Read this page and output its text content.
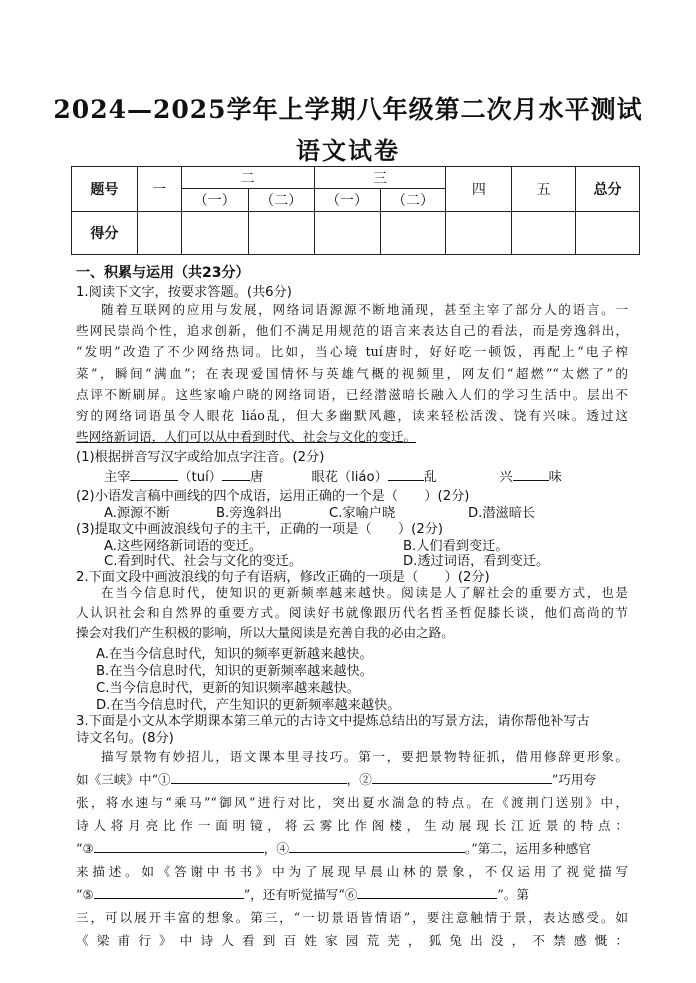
2024—2025学年上学期八年级第二次月水平测试
语文试卷
题号	一	二		三		四	五	总分
		（一）	（二）	（一）	（二）			
得分								
一、积累与运用（共23分）
1.阅读下文字，按要求答题。(共6分)
随着互联网的应用与发展，网络词语源源不断地涌现，甚至主宰了部分人的语言。一
些网民崇尚个性，追求创新，他们不满足用规范的语言来表达自己的看法，而是旁逸斜出，
“发明”改造了不少网络热词。比如，当心境 tuí唐时，好好吃一顿饭，再配上“电子榨
菜”，瞬间“满血”；在表现爱国情怀与英雄气概的视频里，网友们“超燃”“太燃了”的
点评不断刷屏。这些家喻户晓的网络词语，已经潜滋暗长融入人们的学习生活中。层出不
穷的网络词语虽令人眼花 liáo乱，但大多幽默风趣，读来轻松活泼、饶有兴味。透过这
些网络新词语，人们可以从中看到时代、社会与文化的变迁。
(1)根据拼音写汉字或给加点字注音。(2分)
主宰	（tuí） 唐	眼花（liáo）	乱	兴	味
(2)小语发言稿中画线的四个成语，运用正确的一个是（　　）(2分)
A.源源不断	B.旁逸斜出	C.家喻户晓	D.潜滋暗长
(3)提取文中画波浪线句子的主干，正确的一项是（　　）(2分)
A.这些网络新词语的变迁。	B.人们看到变迁。
C.看到时代、社会与文化的变迁。	D.透过词语，看到变迁。
2.下面文段中画波浪线的句子有语病，修改正确的一项是（　　）(2分)
在当今信息时代，使知识的更新频率越来越快。阅读是人了解社会的重要方式，也是
人认识社会和自然界的重要方式。阅读好书就像跟历代名哲圣哲促膝长谈，他们高尚的节
操会对我们产生积极的影响，所以大量阅读是充善自我的必由之路。
A.在当今信息时代，知识的频率更新越来越快。
B.在当今信息时代，知识的更新频率越来越快。
C.当今信息时代，更新的知识频率越来越快。
D.在当今信息时代，产生知识的更新频率越来越快。
3.下面是小文从本学期课本第三单元的古诗文中提炼总结出的写景方法，请你帮他补写古
诗文名句。(8分)
描写景物有妙招儿，语文课本里寻技巧。第一，要把景物特征抓，借用修辞更形象。
如《三峡》中“①	，②	”巧用夸
张，将水速与“乘马”“御风”进行对比，突出夏水湍急的特点。在《渡荆门送别》中，
诗人将月亮比作一面明镜，将云雾比作阁楼，生动展现长江近景的特点：
“③	，④	。”第二，运用多种感官
来描述。如《答谢中书书》中为了展现早晨山林的景象，不仅运用了视觉描写
“⑤	”，还有听觉描写“⑥	”。第
三，可以展开丰富的想象。第三，“一切景语皆情语”，要注意触情于景，表达感受。如
《梁甫行》中诗人看到百姓家园荒芜，狐兔出没，不禁感慨：
